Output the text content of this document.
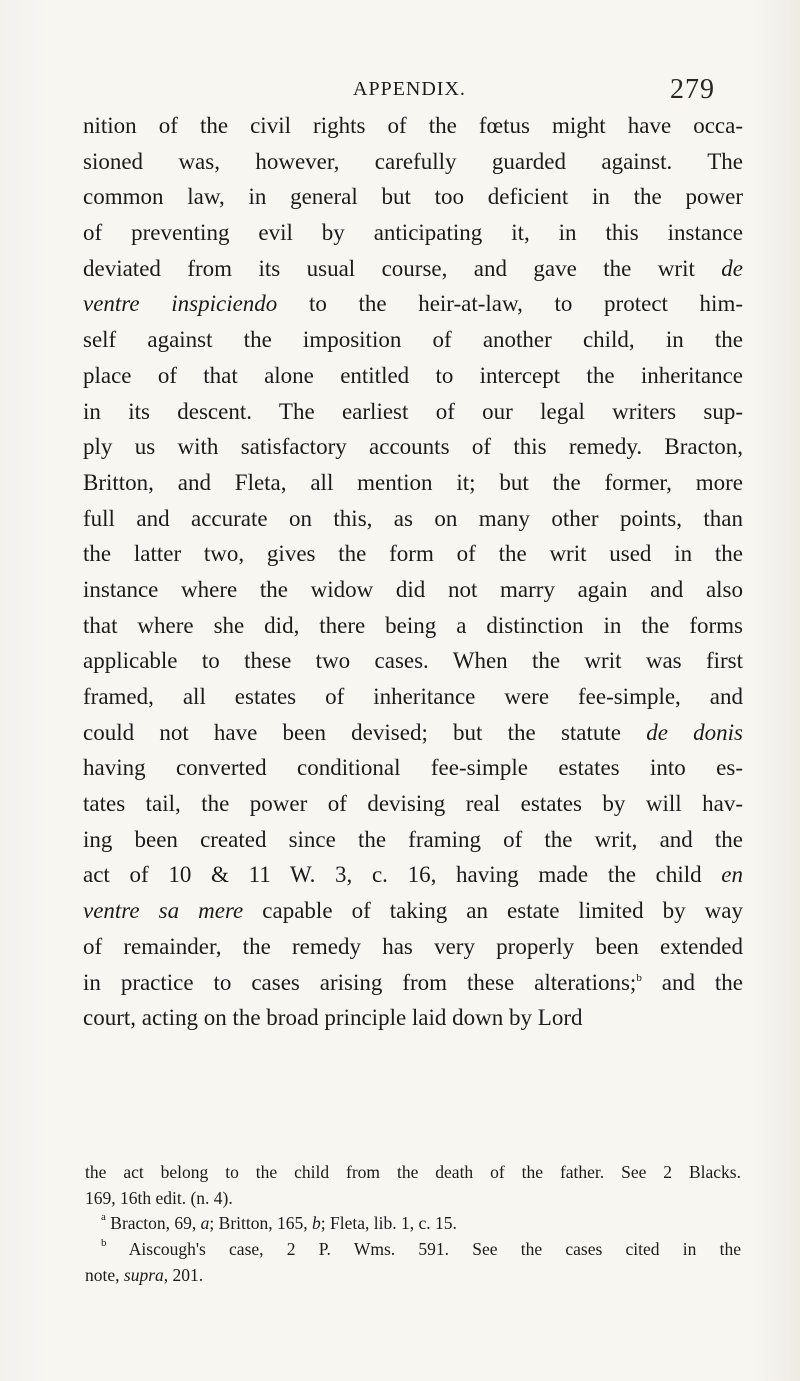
APPENDIX.	279
nition of the civil rights of the fœtus might have occa-
sioned was, however, carefully guarded against. The
common law, in general but too deficient in the power
of preventing evil by anticipating it, in this instance
deviated from its usual course, and gave the writ de
ventre inspiciendo to the heir-at-law, to protect him-
self against the imposition of another child, in the
place of that alone entitled to intercept the inheritance
in its descent. The earliest of our legal writers sup-
ply us with satisfactory accounts of this remedy. Bracton,
Britton, and Fleta, all mention it; but the former, more
full and accurate on this, as on many other points, than
the latter two, gives the form of the writ used in the
instance where the widow did not marry again and also
that where she did, there being a distinction in the forms
applicable to these two cases. When the writ was first
framed, all estates of inheritance were fee-simple, and
could not have been devised; but the statute de donis
having converted conditional fee-simple estates into es-
tates tail, the power of devising real estates by will hav-
ing been created since the framing of the writ, and the
act of 10 & 11 W. 3, c. 16, having made the child en
ventre sa mere capable of taking an estate limited by way
of remainder, the remedy has very properly been extended
in practice to cases arising from these alterations;$^b$ and the
court, acting on the broad principle laid down by Lord
the act belong to the child from the death of the father. See 2 Blacks.
169, 16th edit. (n. 4).
$^a$ Bracton, 69, a; Britton, 165, b; Fleta, lib. 1, c. 15.
$^b$ Aiscough's case, 2 P. Wms. 591. See the cases cited in the
note, supra, 201.
